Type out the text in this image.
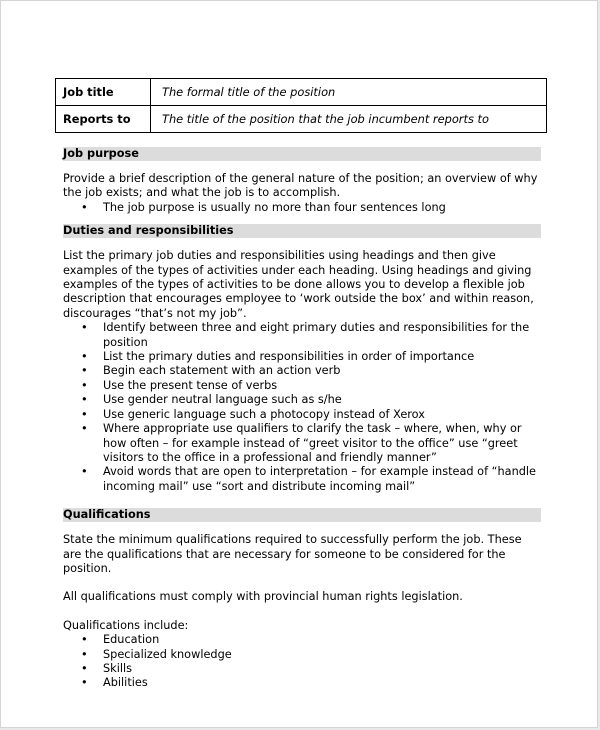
Job title	The formal title of the position
Reports to	The title of the position that the job incumbent reports to
Job purpose

Provide a brief description of the general nature of the position; an overview of why the job exists; and what the job is to accomplish.

• The job purpose is usually no more than four sentences long
Duties and responsibilities

List the primary job duties and responsibilities using headings and then give examples of the types of activities under each heading. Using headings and giving examples of the types of activities to be done allows you to develop a flexible job description that encourages employee to ‘work outside the box’ and within reason, discourages “that’s not my job”.

• Identify between three and eight primary duties and responsibilities for the position
• List the primary duties and responsibilities in order of importance
• Begin each statement with an action verb
• Use the present tense of verbs
• Use gender neutral language such as s/he
• Use generic language such a photocopy instead of Xerox
• Where appropriate use qualifiers to clarify the task – where, when, why or how often – for example instead of “greet visitor to the office” use “greet visitors to the office in a professional and friendly manner”
• Avoid words that are open to interpretation – for example instead of “handle incoming mail” use “sort and distribute incoming mail”
Qualifications

State the minimum qualifications required to successfully perform the job. These are the qualifications that are necessary for someone to be considered for the position.

All qualifications must comply with provincial human rights legislation.

Qualifications include:

• Education
• Specialized knowledge
• Skills
• Abilities
